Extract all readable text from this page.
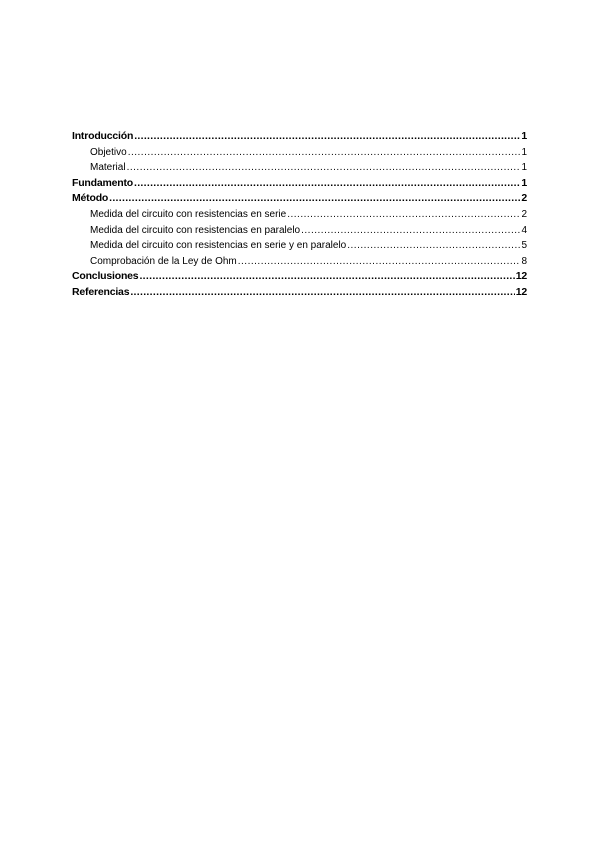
Introducción .....	1
Objetivo .....	1
Material .....	1
Fundamento .....	1
Método .....	2
Medida del circuito con resistencias en serie .....	2
Medida del circuito con resistencias en paralelo .....	4
Medida del circuito con resistencias en serie y en paralelo .....	5
Comprobación de la Ley de Ohm .....	8
Conclusiones .....	12
Referencias .....	12
